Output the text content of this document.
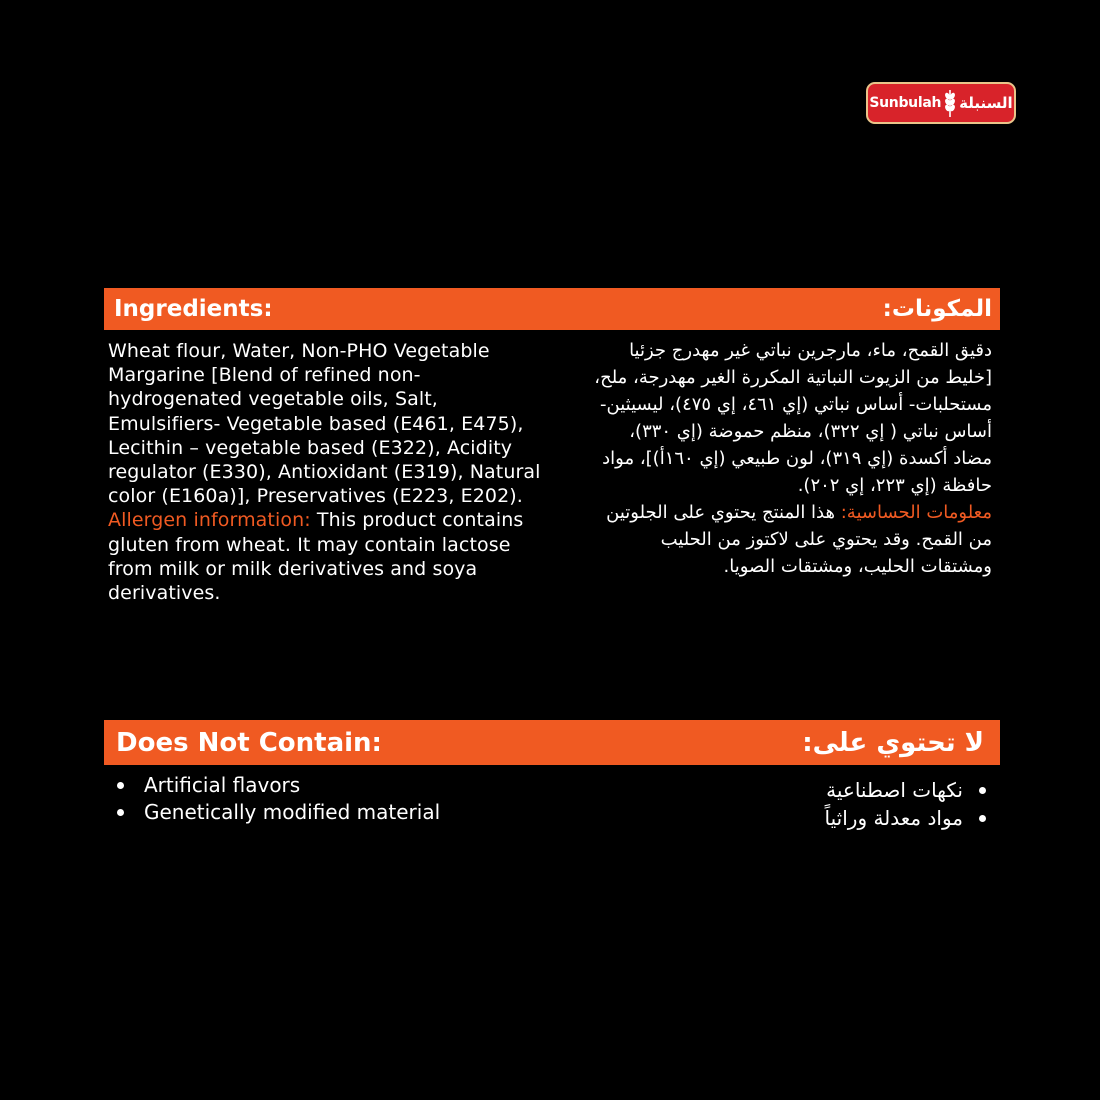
Sunbulah السنبلة
Ingredients:	المكونات:

Wheat flour, Water, Non-PHO Vegetable Margarine [Blend of refined non-hydrogenated vegetable oils, Salt, Emulsifiers- Vegetable based (E461, E475), Lecithin – vegetable based (E322), Acidity regulator (E330), Antioxidant (E319), Natural color (E160a)], Preservatives (E223, E202).

Allergen information: This product contains gluten from wheat. It may contain lactose from milk or milk derivatives and soya derivatives.

دقيق القمح، ماء، مارجرين نباتي غير مهدرج جزئيا [خليط من الزيوت النباتية المكررة الغير مهدرجة، ملح، مستحلبات- أساس نباتي (إي ٤٦١، إي ٤٧٥)، ليسيثين- أساس نباتي ( إي ٣٢٢)، منظم حموضة (إي ٣٣٠)، مضاد أكسدة (إي ٣١٩)، لون طبيعي (إي ١٦٠أ)]، مواد حافظة (إي ٢٢٣، إي ٢٠٢).

معلومات الحساسية: هذا المنتج يحتوي على الجلوتين من القمح. وقد يحتوي على لاكتوز من الحليب ومشتقات الحليب، ومشتقات الصويا.

Does Not Contain:	لا تحتوي على:
Artificial flavors
Genetically modified material
نكهات اصطناعية
مواد معدلة وراثياً
